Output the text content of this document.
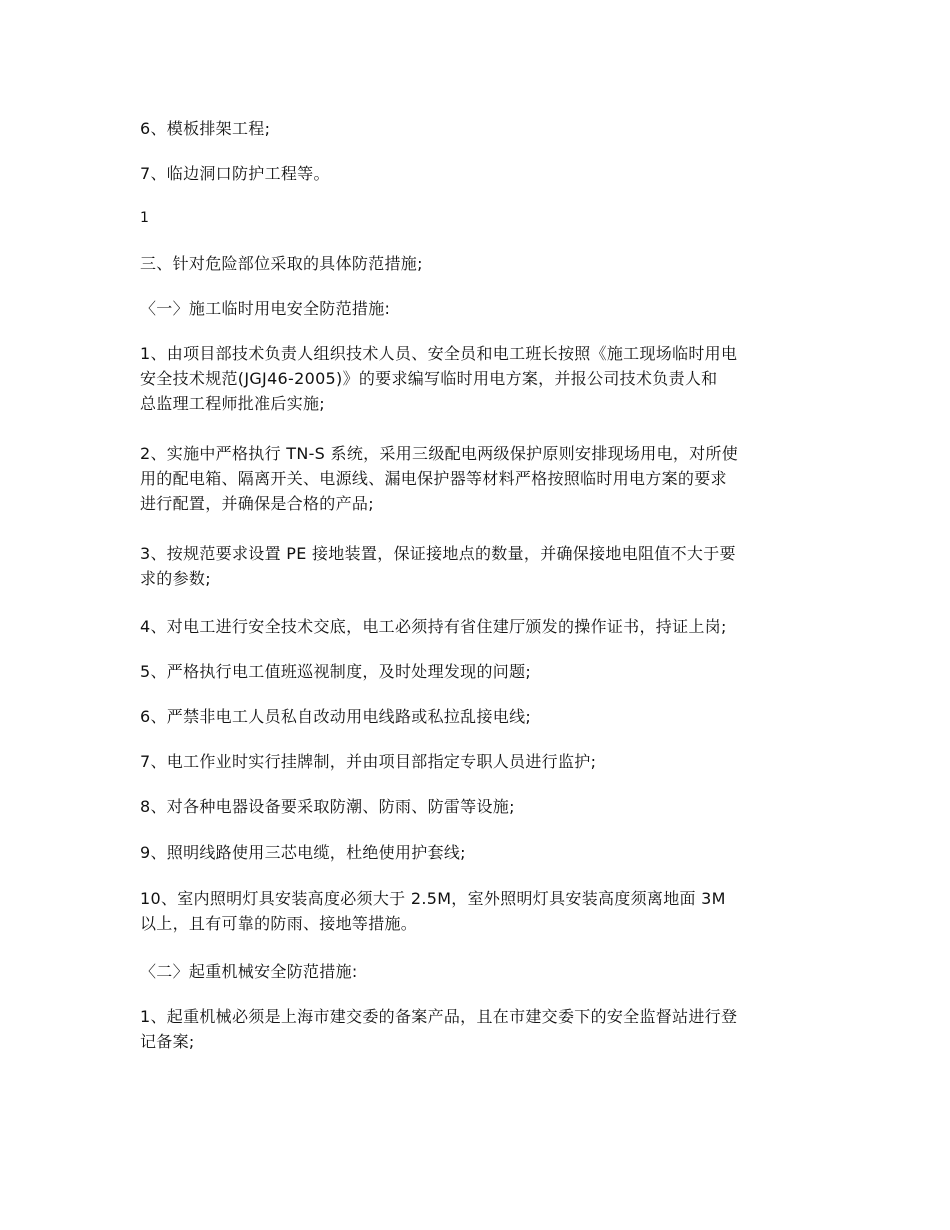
6、模板排架工程;

7、临边洞口防护工程等。

1

三、针对危险部位采取的具体防范措施;

〈一〉施工临时用电安全防范措施:

1、由项目部技术负责人组织技术人员、安全员和电工班长按照《施工现场临时用电
安全技术规范(JGJ46-2005)》的要求编写临时用电方案，并报公司技术负责人和
总监理工程师批准后实施;

2、实施中严格执行 TN-S 系统，采用三级配电两级保护原则安排现场用电，对所使
用的配电箱、隔离开关、电源线、漏电保护器等材料严格按照临时用电方案的要求
进行配置，并确保是合格的产品;

3、按规范要求设置 PE 接地装置，保证接地点的数量，并确保接地电阻值不大于要
求的参数;

4、对电工进行安全技术交底，电工必须持有省住建厅颁发的操作证书，持证上岗;

5、严格执行电工值班巡视制度，及时处理发现的问题;

6、严禁非电工人员私自改动用电线路或私拉乱接电线;

7、电工作业时实行挂牌制，并由项目部指定专职人员进行监护;

8、对各种电器设备要采取防潮、防雨、防雷等设施;

9、照明线路使用三芯电缆，杜绝使用护套线;

10、室内照明灯具安装高度必须大于 2.5M，室外照明灯具安装高度须离地面 3M
以上，且有可靠的防雨、接地等措施。

〈二〉起重机械安全防范措施:

1、起重机械必须是上海市建交委的备案产品，且在市建交委下的安全监督站进行登
记备案;
